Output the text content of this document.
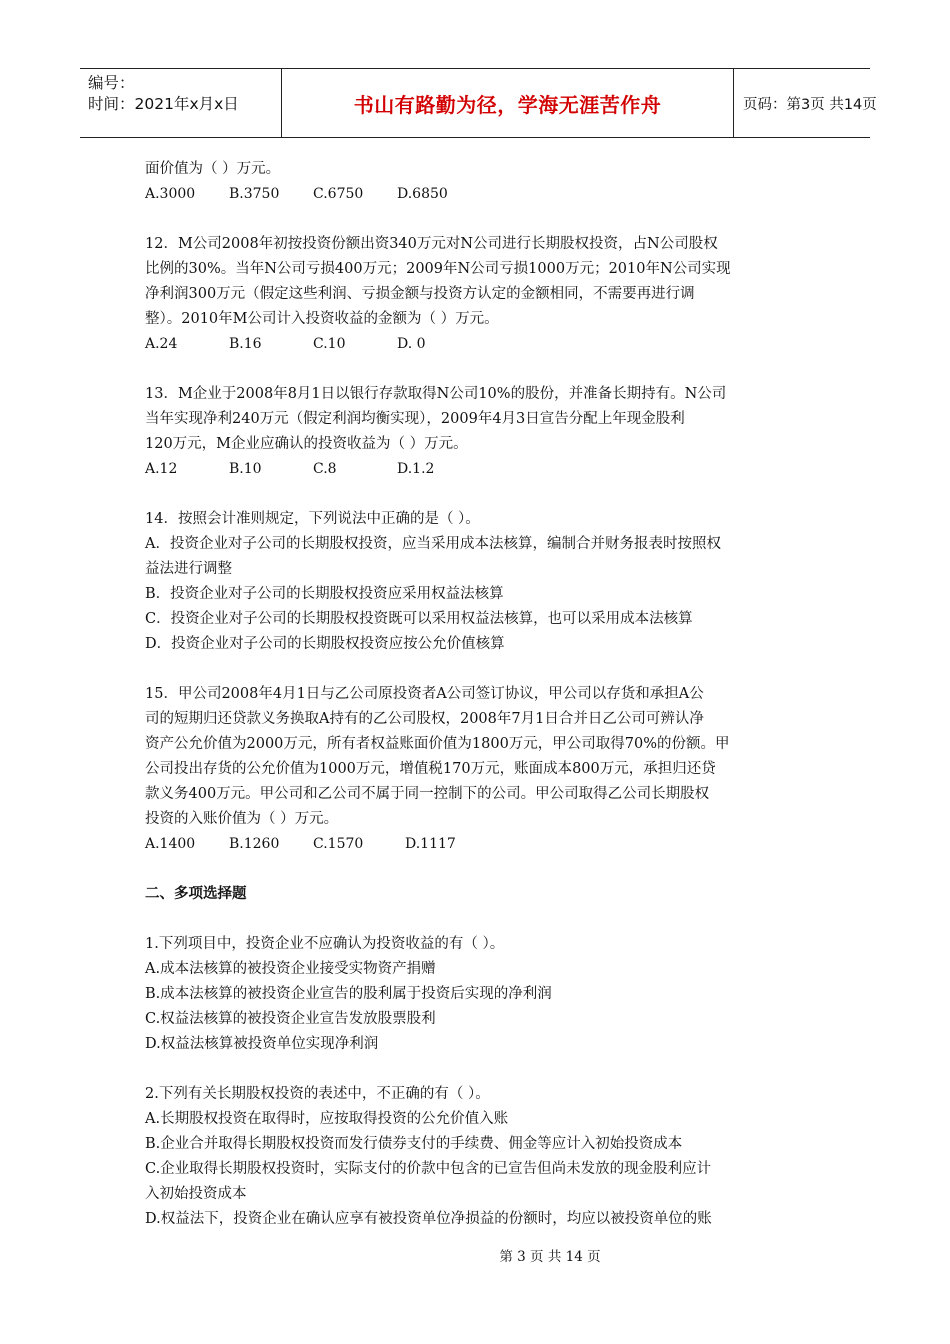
编号：
时间：2021年x月x日	书山有路勤为径，学海无涯苦作舟	页码：第3页 共14页
面价值为（ ）万元。
A.3000	B.3750	C.6750	D.6850
12．M公司2008年初按投资份额出资340万元对N公司进行长期股权投资，占N公司股权
比例的30%。当年N公司亏损400万元；2009年N公司亏损1000万元；2010年N公司实现
净利润300万元（假定这些利润、亏损金额与投资方认定的金额相同，不需要再进行调
整）。2010年M公司计入投资收益的金额为（ ）万元。
A.24	B.16	C.10	D. 0
13．M企业于2008年8月1日以银行存款取得N公司10%的股份，并准备长期持有。N公司
当年实现净利240万元（假定利润均衡实现），2009年4月3日宣告分配上年现金股利
120万元，M企业应确认的投资收益为（ ）万元。
A.12	B.10	C.8	D.1.2
14．按照会计准则规定，下列说法中正确的是（ ）。
A．投资企业对子公司的长期股权投资，应当采用成本法核算，编制合并财务报表时按照权
益法进行调整
B．投资企业对子公司的长期股权投资应采用权益法核算
C．投资企业对子公司的长期股权投资既可以采用权益法核算，也可以采用成本法核算
D．投资企业对子公司的长期股权投资应按公允价值核算
15．甲公司2008年4月1日与乙公司原投资者A公司签订协议，甲公司以存货和承担A公
司的短期归还贷款义务换取A持有的乙公司股权，2008年7月1日合并日乙公司可辨认净
资产公允价值为2000万元，所有者权益账面价值为1800万元，甲公司取得70%的份额。甲
公司投出存货的公允价值为1000万元，增值税170万元，账面成本800万元，承担归还贷
款义务400万元。甲公司和乙公司不属于同一控制下的公司。甲公司取得乙公司长期股权
投资的入账价值为（ ）万元。
A.1400	B.1260	C.1570	D.1117
二、多项选择题
1.下列项目中，投资企业不应确认为投资收益的有（ ）。
A.成本法核算的被投资企业接受实物资产捐赠
B.成本法核算的被投资企业宣告的股利属于投资后实现的净利润
C.权益法核算的被投资企业宣告发放股票股利
D.权益法核算被投资单位实现净利润
2.下列有关长期股权投资的表述中，不正确的有（ ）。
A.长期股权投资在取得时，应按取得投资的公允价值入账
B.企业合并取得长期股权投资而发行债券支付的手续费、佣金等应计入初始投资成本
C.企业取得长期股权投资时，实际支付的价款中包含的已宣告但尚未发放的现金股利应计
入初始投资成本
D.权益法下，投资企业在确认应享有被投资单位净损益的份额时，均应以被投资单位的账
第 3 页 共 14 页
